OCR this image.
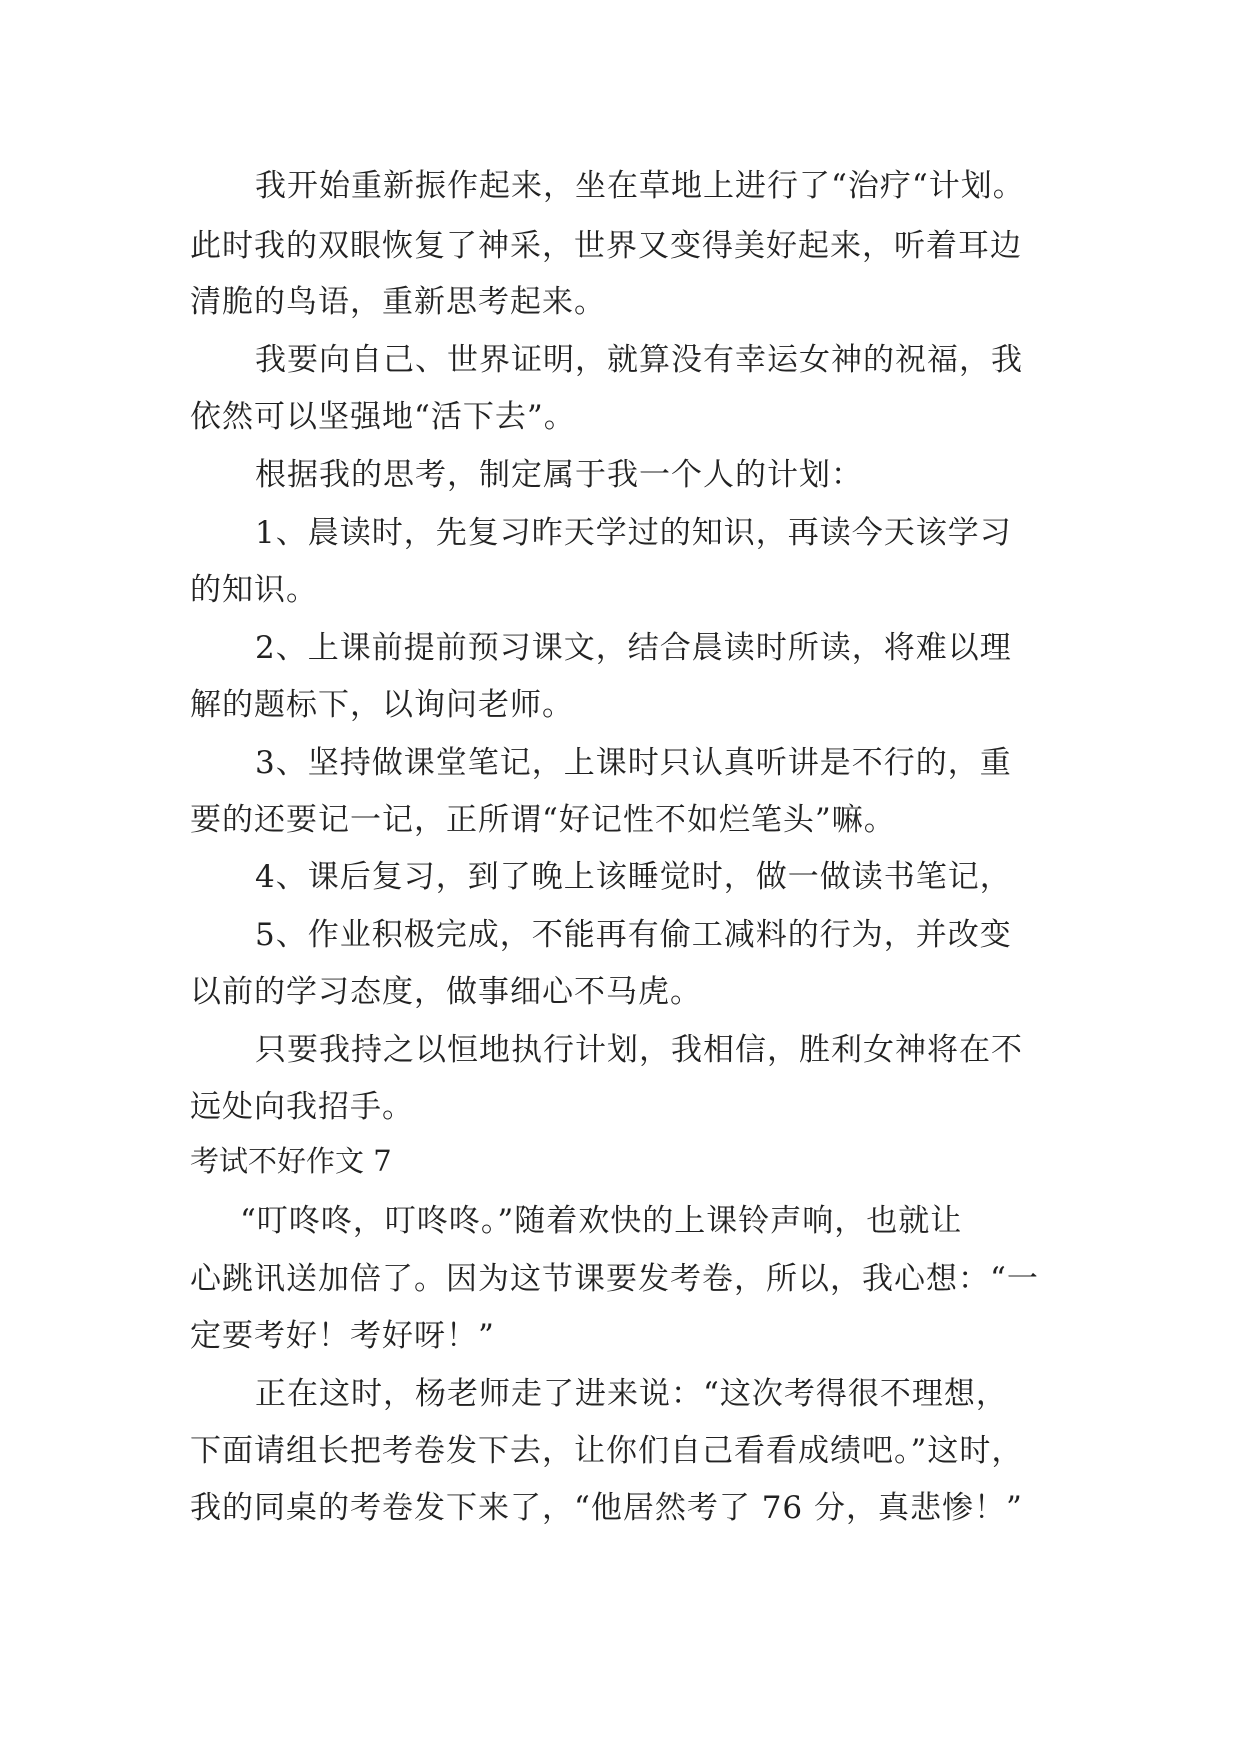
我开始重新振作起来，坐在草地上进行了“治疗“计划。
此时我的双眼恢复了神采，世界又变得美好起来，听着耳边
清脆的鸟语，重新思考起来。
我要向自己、世界证明，就算没有幸运女神的祝福，我
依然可以坚强地“活下去”。
根据我的思考，制定属于我一个人的计划：
1、晨读时，先复习昨天学过的知识，再读今天该学习
的知识。
2、上课前提前预习课文，结合晨读时所读，将难以理
解的题标下，以询问老师。
3、坚持做课堂笔记，上课时只认真听讲是不行的，重
要的还要记一记，正所谓“好记性不如烂笔头”嘛。
4、课后复习，到了晚上该睡觉时，做一做读书笔记，
5、作业积极完成，不能再有偷工减料的行为，并改变
以前的学习态度，做事细心不马虎。
只要我持之以恒地执行计划，我相信，胜利女神将在不
远处向我招手。
考试不好作文 7
“叮咚咚，叮咚咚。”随着欢快的上课铃声响，也就让
心跳讯送加倍了。因为这节课要发考卷，所以，我心想：“一
定要考好！考好呀！”
正在这时，杨老师走了进来说：“这次考得很不理想，
下面请组长把考卷发下去，让你们自己看看成绩吧。”这时，
我的同桌的考卷发下来了，“他居然考了 76 分，真悲惨！”
